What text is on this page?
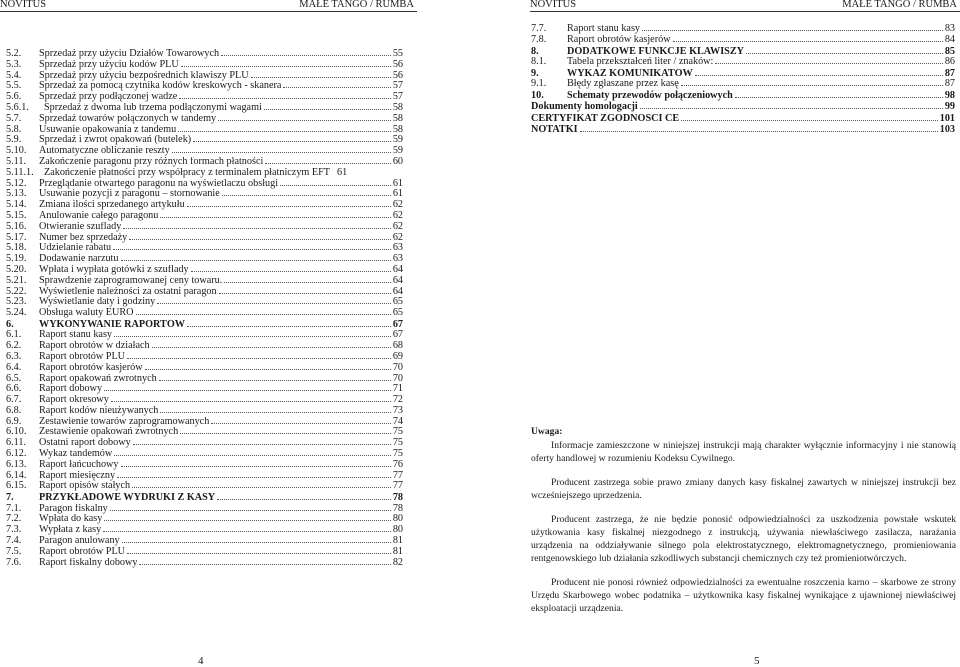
NOVITUS	MAŁE TANGO / RUMBA	NOVITUS	MAŁE TANGO / RUMBA
5.2.	Sprzedaż przy użyciu Działów Towarowych	55
5.3.	Sprzedaż przy użyciu kodów PLU	56
5.4.	Sprzedaż przy użyciu bezpośrednich klawiszy PLU	56
5.5.	Sprzedaż za pomocą czytnika kodów kreskowych - skanera	57
5.6.	Sprzedaż przy podłączonej wadze	57
5.6.1.	Sprzedaż z dwoma lub trzema podłączonymi wagami	58
5.7.	Sprzedaż towarów połączonych w tandemy	58
5.8.	Usuwanie opakowania z tandemu	58
5.9.	Sprzedaż i zwrot opakowań (butelek)	59
5.10.	Automatyczne obliczanie reszty	59
5.11.	Zakończenie paragonu przy różnych formach płatności	60
5.11.1.	Zakończenie płatności przy współpracy z terminalem płatniczym EFT 61
5.12.	Przeglądanie otwartego paragonu na wyświetlaczu obsługi	61
5.13.	Usuwanie pozycji z paragonu – stornowanie	61
5.14.	Zmiana ilości sprzedanego artykułu	62
5.15.	Anulowanie całego paragonu	62
5.16.	Otwieranie szuflady	62
5.17.	Numer bez sprzedaży	62
5.18.	Udzielanie rabatu	63
5.19.	Dodawanie narzutu	63
5.20.	Wpłata i wypłata gotówki z szuflady	64
5.21.	Sprawdzenie zaprogramowanej ceny towaru.	64
5.22.	Wyświetlenie należności za ostatni paragon	64
5.23.	Wyświetlanie daty i godziny	65
5.24.	Obsługa waluty EURO	65
6.	WYKONYWANIE RAPORTÓW	67
6.1.	Raport stanu kasy	67
6.2.	Raport obrotów w działach	68
6.3.	Raport obrotów PLU	69
6.4.	Raport obrotów kasjerów	70
6.5.	Raport opakowań zwrotnych	70
6.6.	Raport dobowy	71
6.7.	Raport okresowy	72
6.8.	Raport kodów nieużywanych	73
6.9.	Zestawienie towarów zaprogramowanych	74
6.10.	Zestawienie opakowań zwrotnych	75
6.11.	Ostatni raport dobowy	75
6.12.	Wykaz tandemów	75
6.13.	Raport łańcuchowy	76
6.14.	Raport miesięczny	77
6.15.	Raport opisów stałych	77
7.	PRZYKŁADOWE WYDRUKI Z KASY	78
7.1.	Paragon fiskalny	78
7.2.	Wpłata do kasy	80
7.3.	Wypłata z kasy	80
7.4.	Paragon anulowany	81
7.5.	Raport obrotów PLU	81
7.6.	Raport fiskalny dobowy	82
7.7.	Raport stanu kasy	83
7.8.	Raport obrotów kasjerów	84
8.	DODATKOWE FUNKCJE KLAWISZY	85
8.1.	Tabela przekształceń liter / znaków:	86
9.	WYKAZ KOMUNIKATÓW	87
9.1.	Błędy zgłaszane przez kasę	87
10.	Schematy przewodów połączeniowych	98
Dokumenty homologacji	99
CERTYFIKAT ZGODNOŚCI CE	101
NOTATKI	103

Uwaga:

Informacje zamieszczone w niniejszej instrukcji mają charakter wyłącznie informacyjny i nie stanowią oferty handlowej w rozumieniu Kodeksu Cywilnego.

Producent zastrzega sobie prawo zmiany danych kasy fiskalnej zawartych w niniejszej instrukcji bez wcześniejszego uprzedzenia.

Producent zastrzega, że nie będzie ponosić odpowiedzialności za uszkodzenia powstałe wskutek użytkowania kasy fiskalnej niezgodnego z instrukcją, używania niewłaściwego zasilacza, narażania urządzenia na oddziaływanie silnego pola elektrostatycznego, elektromagnetycznego, promieniowania rentgenowskiego lub działania szkodliwych substancji chemicznych czy też promieniotwórczych.

Producent nie ponosi również odpowiedzialności za ewentualne roszczenia karno – skarbowe ze strony Urzędu Skarbowego wobec podatnika – użytkownika kasy fiskalnej wynikające z ujawnionej niewłaściwej eksploatacji urządzenia.

4	5
